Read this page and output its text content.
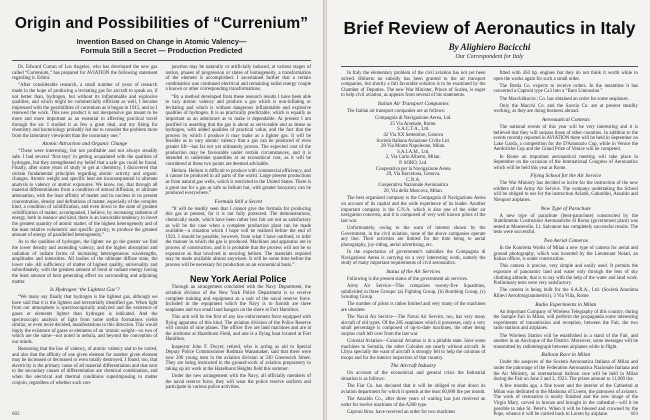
Origin and Possibilities of “Currenium”
Invention Based on Change in Atomic Valency—
Formula Still a Secret — Production Predicted

Dr. Edward Curran of Los Angeles, who has developed the new gas called “Currenium,” has prepared for AVIATION the following statement regarding it. Editor.

“After considerable research, a small number of years of research made in the hope of producing a levitating gas for aircraft to speak on, if not better than, hydrogen, but without its inflammable and explosive qualities, and which might be commercially efficient as well, I became impressed with the possibilities of currenium as it began in 1915, and so I renewed the work. This new product is not inexpensive gas meant to be more and more important as an essential to affecting practical travel through the air. I studied it as few a great deal, and my liking for chemistry and bacteriology probably led me to consider the problem more from the laboratory viewpoint than the customary one.”

Atomic Attraction and Organic Change

“These were interesting, but not profitable and not always steadily safe. I had several ‘first-rays’ in getting acquainted with the qualities of hydrogen, but they strengthened my belief that a safe gas could be found. Finally, after some years of study to get at chemistry, I discovered that certain fundamental principles regarding atomic activity and organic changes. Atomic weight and specific heat are inconsequential in ultimate analysis to valency or atomic exposures. We know, too, that through all material differentiations from a condition of utmost diffusion, or ultimate attenuation, with the least affinity of matter and its nucleus in its present concentration, density and definitions of matter, especially of the complex kind, a condition of solidification, and even down to the state of greatest solidification of matter, accompanied, I believe, by increasing radiation of energy, both in essence and kind, there is an inexorable tendency to invert the greatest quantity of atomic matter, of the highest heterogeneity and of the least relative volumetric and specific gravity, to produce the greatest amount of energy of parallelled heterogeneity.”

As to the qualities of hydrogen, the lighter we go the greater we find the lower density and ascending valency, and the higher absorption and radiation of radiant forms of increasing heterogeneous wavelengths, amplitudes and intensities. All bodies of the ultimate diffuse state, the lower rule. All sufficiency of matter of highest quality, universality and subordinately, with the greatest amount of bond or radiant energy having the least amount of heat generating effect on surrounding and adjoining matter.

Is Hydrogen ‘the Lightest Gas’?

“We many say finally that hydrogen is the lightest gas, although we have said that it is the lightest and terrestrially identified gas. When light from our atmosphere is spectroscopically analyzed and the existence of gases or elements lighter than hydrogen is indicated. And the spectroscopic analysis of light from some stellar formations yields similar, or even more decided, manifestations to this direction. This would imply the existence of gases or elements of an ‘atomic weight—so two of which are the same—not noted in nebula, and beyond the conception of our minds.

Reasoning that the law of valency, of atomic valency and to be varied, and also that the affinity of one given element for another given element may be increased or decreased or even totally destroyed. I found, too, that electricity is the primary cause of all material differentiation and that next to the secondary causes of differentiation are chemical combination, and when the electrical and thermal conditions superimposing to matter conjoin, regardless of whether such con-

junction may be naturally or artificially induced, at various stages of notion, phases of progression or states of homogeneity, a transformation of the element is accomplished. I ascertained further that a certain combination was continued electrical and remaining radial energy couple a known or other corresponding transformations.

“By a method developed from these research results I have been able to vary atomic valency and produce a gas which is non-inflating or levitating and which is without dangerous inflammable and explosive qualities of hydrogen. It is as practically predictable, which is equally as important as an admixture as to make it dependable. At present I am justified in asserting that the gas is about as serviceable and as dense as hydrogen, with added qualities of practical value, and the fact that the process by which I produce it may make as a lighter gas. It will be feasible as to vary atomic valency that a gas can be produced of even greater lift—has far not yet ultimately proven. The expected cost of the production may be favourable under certain circumstances, and it is intended to undertake quantities at an economical cost, as it will be considered at these two points are deemed advisable.

Helium. Helium is difficult to produce with commercial efficiency, and it cannot be produced in all parts of the world. Large present productions as from natural gas wells, which is restricted to the United States. There is a great use for a gas as safe as helium but, with greater buoyancy can be produced everywhere.”

Formula Still a Secret

“It will be readily seen that I cannot give the formula for producing this gas at present, for it is not fully protected. The demonstrations, chemically made, which have been rather less fair are not as satisfactory as will be the case when a complete production plant can be made available—a situation which I hope will be realized before the end of 1923. I should be possible, however, from what I have outlined, to infer the manner in which the gas is produced. Machines and apparatus are in process of construction, and it is probable that the process will not be so expensive as that involved in securing helium. The materials required may be made available almost anywhere. It will be some time before the process will be necessary for production on an economical basis.”

New York Aerial Police

Through an arrangement concluded with the Navy Department, the aviation division of the New York Police Department is to receive complete training and equipment as a unit of the naval reserve force. Included in the equipment which the Navy is to furnish are three seaplanes and two small land hangars on the shore at Fort Hamilton.

This unit will be the first of any law enforcement force equipped with flying apparatus of this kind. The aviation division of the Police Reserve will consist of nine planes. The officer five are land machines and are at the airdrome at Hazelhurst Field, and one is a flying boat located at Fort Hamilton.

Inspector John F. Dwyer, retired, who is acting as aid to Special Deputy Police Commissioner Rodman Wanamaker, said that there were now 200 young men in the aviation division at 330 Greenwich Street. They are being instructed in the ground-work of aviation preparatory to taking up air work at the Hazelhurst Heights field this summer.

Under the new arrangement with the Navy, all officially members of the naval reserve force, they will wear the police reserve uniform and participate in various police activities.

602
Brief Review of Aeronautics in Italy
By Alighiero Bacicchi
Our Correspondent for Italy

In Italy the elementary problem of the civil aviation has not yet been solved. Hitherto no subsidy has been granted to the air transport companies, but shortly a full favorable solution is to be examined by the Chamber of Deputies. The new War Minister, Prince of Scalea, is eager to help civil aviation, as appears from several of his statements.

Italian Air Transport Companies

The Italian air transport companies are as follows:

Compagnia di Navigazione Aerea, Ltd.
25 Via Arsenale, Rome.
S.A.C.T.A., Ltd.
42 Via XX Settembre, Genova
Società Italiana Aviazione Civile Ltd.
28 Via Monte Napoleone, Milan.
S.A.I.A.M., Ltd.
2, Via Carlo Alberto, Milan.
P. SORO, Ltd.
Cooperativa per la Navigazione Aerea
29, Via Barcelona, Genova.
C.N.A.
Cooperativa Nazionale Aeronautica
20, Via della Moscova, Milan.

The best organized company is the Compagnia di Navigazione Aerea on account of its capital and the wide experience of its leader. Another important company is the C.N.A. which is also one of the older air navigation concerns, and it is composed of very well known pilots of the last war.

Unfortunately, owing to the want of interest shown by the Government, in the civil aviation, none of the above companies operate any line. Their activities are limited for the time being to aerial photography, joy-riding, aerial advertising, etc.

In the expectation of government's subsidies the Compagnia di Navigazione Aerea is carrying on a very interesting work, namely the study of many important requirements of civil aeronautics.

Status of the Air Services

Following is the present status of the government air services.

Army Air Service—This comprises twenty-five Squadrons, subdivided in three Groups: (a) Fighting Group, (b) Bombing Group, (c) Scouting Group.

The number of pilots is rather limited and very many of the machines are obsolete.

The Naval Air Service—The Naval Air Service, too, has very many aircraft of old types. Of the 285 seaplanes which it possesses, only a very small percentage is composed of up-to-date machines, the other being surplus craft left over from the last war.

Colonial Aviation—Colonial Aviation is in a pitiable state. Save some machines in Somalia, the other Colonies are nearly without aircraft. In Libya specially the want of aircraft is strongly felt to help the columns of troops and for the interior inspection of that country.

The Aircraft Industry

On account of the economical and general crisis the Industrial situation is as follows:

The Fiat Co. has declared that it will be obliged to shut down its aviation department for which it spends at the least 60,000 lire per month.

The Ansaldo Co., after three years of waiting has just received an order for twelve machines of the A300 type.

Caproni Bros. have received an order for two machines

fitted with 450 hp. engines but they do not think it worth while to open the works again for such a small order.

The Breda Co. expects to receive orders. In the meantime it has converted a Caproni type Ca3 into a “Baro Limousine.”

The Macchi&ucirc; Co. has obtained an order for some seaplanes.

Only the Macchi Co. and the Savoia Co. are at present steadily working, as they are doing business abroad.

Aeronautical Contests

The national events of this year will be very interesting and it is believed that they will surpass those of other countries. In addition to the events recently reported in AVIATION there will be held in September on Lake Garda, a competition for the D'Annunzio Cup, while in Venice the Aerdoriche Cup and the Grand Prize of Venice will be competed.

In Rome an important aeronautical meeting will take place in September on the occasion of the International Congress of Aeronautics which will be held this year at Rome.

Flying School for the Air Service

The War Ministry has decided to invite for the instruction of the new soldiers of the Army Air Service. The company undertaking the School will be obliged to use for the instruction Aviatik, Gabardini, Ansaldo and Nieuport airplanes.

New Type of Parachute

A new type of parachute (bent-parachute) constructed by the Stabilimento Costruzioni Aeronautiche di Roma (government plant) was tested at Montecelio. Lt. Salvatore has completely successful results. The tests were successful.

Two Aerial Cameras

In the Konrietta Works of Milan a new type of camera for aerial and ground photography, which was invented by the Lieutenant Notari, an Italian officer, is under construction.

This camera is precise, very simple and easily used. It permits the exposure of panoramic land and water only through the lens of sky climbing altitude, that is to say with the help of the water and land work. Preliminary tests were very satisfactory.

The camera is being built for the S.A.R.A., Ltd. (Società Anonima Rilievi Aerofotogrammetrici), 3 Via Villa, Rome.

Radio Experiments in Milan

An important Company of Wireless Telegraphy of this country, during the Sample Fair in Milan, will perform the propaganda some interesting experiments of transmission and reception, between the Fair, the two radio stations and airplanes.

The Wireless Station will be established in a stand of the Fair, and another in an Aircloque of the District. Moreover, some messages will be transmitted by radiotelegraph between airplanes while in flight.

Balloon Race in Milan

Under the auspices of the Società Aeronautica Italiana of Milan and under the patronage of the Federation Aeronautica Nazionale Italiana and the Air Ministry, an international balloon race will be held in Milan during the Fair on June 2 and 3, 1923. The prizes amount to 11,000 lire.

A few months ago, a fine tower and the interior of the Cathedral at Milan was dedicated to the Madonna of Loreto, the patroness of aviators. The work of restoration is nearly finished and the new image of the Virgin Mary, carved in bronze and brought in the cathedral—will it be possible to take St. Peter's. When it will be blessed and crowned by the Pope, whence it will be carried back to Loreto by airplane.	603
